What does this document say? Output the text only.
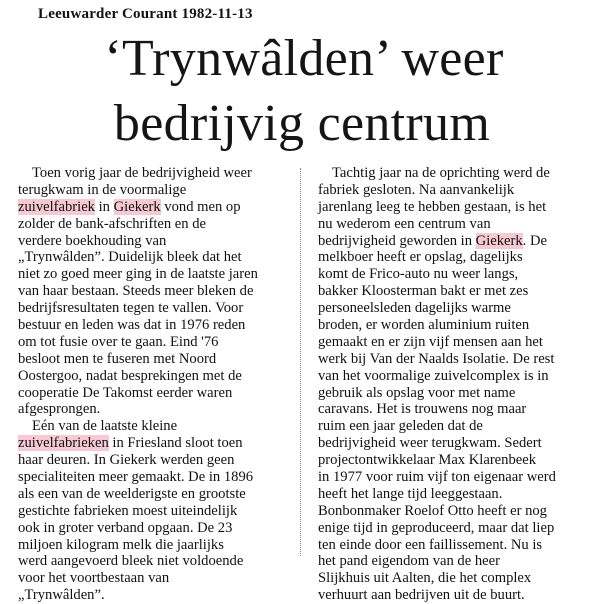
Leeuwarder Courant 1982-11-13
‘Trynwâlden’ weer
bedrijvig centrum
Toen vorig jaar de bedrijvigheid weer
terugkwam in de voormalige
zuivelfabriek in Giekerk vond men op
zolder de bank-afschriften en de
verdere boekhouding van
„Trynwâlden”. Duidelijk bleek dat het
niet zo goed meer ging in de laatste jaren
van haar bestaan. Steeds meer bleken de
bedrijfsresultaten tegen te vallen. Voor
bestuur en leden was dat in 1976 reden
om tot fusie over te gaan. Eind '76
besloot men te fuseren met Noord
Oostergoo, nadat besprekingen met de
cooperatie De Takomst eerder waren
afgesprongen.
Eén van de laatste kleine
zuivelfabrieken in Friesland sloot toen
haar deuren. In Giekerk werden geen
specialiteiten meer gemaakt. De in 1896
als een van de weelderigste en grootste
gestichte fabrieken moest uiteindelijk
ook in groter verband opgaan. De 23
miljoen kilogram melk die jaarlijks
werd aangevoerd bleek niet voldoende
voor het voortbestaan van
„Trynwâlden”.
Tachtig jaar na de oprichting werd de
fabriek gesloten. Na aanvankelijk
jarenlang leeg te hebben gestaan, is het
nu wederom een centrum van
bedrijvigheid geworden in Giekerk. De
melkboer heeft er opslag, dagelijks
komt de Frico-auto nu weer langs,
bakker Kloosterman bakt er met zes
personeelsleden dagelijks warme
broden, er worden aluminium ruiten
gemaakt en er zijn vijf mensen aan het
werk bij Van der Naalds Isolatie. De rest
van het voormalige zuivelcomplex is in
gebruik als opslag voor met name
caravans. Het is trouwens nog maar
ruim een jaar geleden dat de
bedrijvigheid weer terugkwam. Sedert
projectontwikkelaar Max Klarenbeek
in 1977 voor ruim vijf ton eigenaar werd
heeft het lange tijd leeggestaan.
Bonbonmaker Roelof Otto heeft er nog
enige tijd in geproduceerd, maar dat liep
ten einde door een faillissement. Nu is
het pand eigendom van de heer
Slijkhuis uit Aalten, die het complex
verhuurt aan bedrijven uit de buurt.
